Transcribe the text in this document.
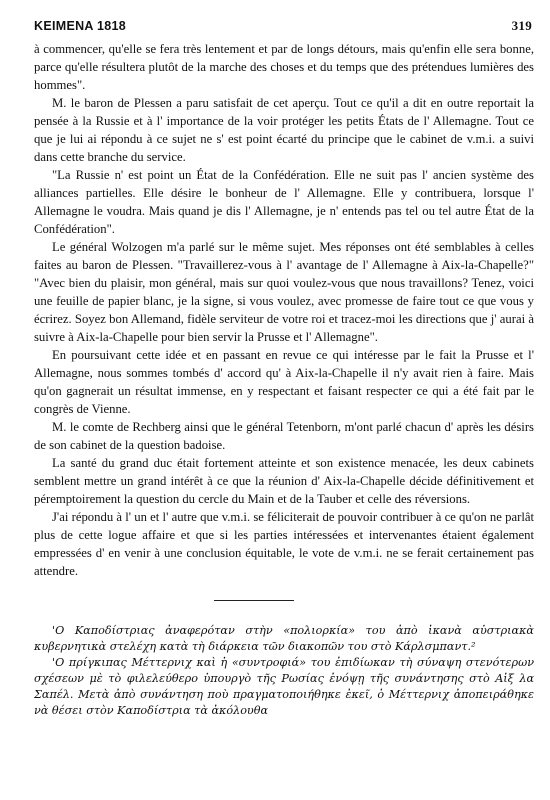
KEIMENA 1818	319

à commencer, qu'elle se fera très lentement et par de longs détours, mais qu'enfin elle sera bonne, parce qu'elle résultera plutôt de la marche des choses et du temps que des prétendues lumières des hommes".

M. le baron de Plessen a paru satisfait de cet aperçu. Tout ce qu'il a dit en outre reportait la pensée à la Russie et à l' importance de la voir protéger les petits États de l' Allemagne. Tout ce que je lui ai répondu à ce sujet ne s' est point écarté du principe que le cabinet de v.m.i. a suivi dans cette branche du service.

"La Russie n' est point un État de la Confédération. Elle ne suit pas l' ancien système des alliances partielles. Elle désire le bonheur de l' Allemagne. Elle y contribuera, lorsque l' Allemagne le voudra. Mais quand je dis l' Allemagne, je n' entends pas tel ou tel autre État de la Confédération".

Le général Wolzogen m'a parlé sur le même sujet. Mes réponses ont été semblables à celles faites au baron de Plessen. "Travaillerez-vous à l' avantage de l' Allemagne à Aix-la-Chapelle?" "Avec bien du plaisir, mon général, mais sur quoi voulez-vous que nous travaillons? Tenez, voici une feuille de papier blanc, je la signe, si vous voulez, avec promesse de faire tout ce que vous y écrirez. Soyez bon Allemand, fidèle serviteur de votre roi et tracez-moi les directions que j' aurai à suivre à Aix-la-Chapelle pour bien servir la Prusse et l' Allemagne".

En poursuivant cette idée et en passant en revue ce qui intéresse par le fait la Prusse et l' Allemagne, nous sommes tombés d' accord qu' à Aix-la-Chapelle il n'y avait rien à faire. Mais qu'on gagnerait un résultat immense, en y respectant et faisant respecter ce qui a été fait par le congrès de Vienne.

M. le comte de Rechberg ainsi que le général Tetenborn, m'ont parlé chacun d' après les désirs de son cabinet de la question badoise.

La santé du grand duc était fortement atteinte et son existence menacée, les deux cabinets semblent mettre un grand intérêt à ce que la réunion d' Aix-la-Chapelle décide définitivement et péremptoirement la question du cercle du Main et de la Tauber et celle des réversions.

J'ai répondu à l' un et l' autre que v.m.i. se féliciterait de pouvoir contribuer à ce qu'on ne parlât plus de cette logue affaire et que si les parties intéressées et intervenantes étaient également empressées d' en venir à une conclusion équitable, le vote de v.m.i. ne se ferait certainement pas attendre.

'Ο Καποδίστριας ἀναφερόταν στὴν «πολιορκία» του ἀπὸ ἱκανὰ αὐστριακὰ κυβερνητικὰ στελέχη κατὰ τὴ διάρκεια τῶν διακοπῶν του στὸ Κάρλσμπαντ.²

'Ο πρίγκιπας Μέττερνιχ καὶ ἡ «συντροφιά» του ἐπιδίωκαν τὴ σύναψη στενότερων σχέσεων μὲ τὸ φιλελεύθερο ὑπουργὸ τῆς Ρωσίας ἐνόψῃ τῆς συνάντησης στὸ Αἰξ λα Σαπέλ. Μετὰ ἀπὸ συνάντηση ποὺ πραγματοποιήθηκε ἐκεῖ, ὁ Μέττερνιχ ἀποπειράθηκε νὰ θέσει στὸν Καποδίστρια τὰ ἀκόλουθα
